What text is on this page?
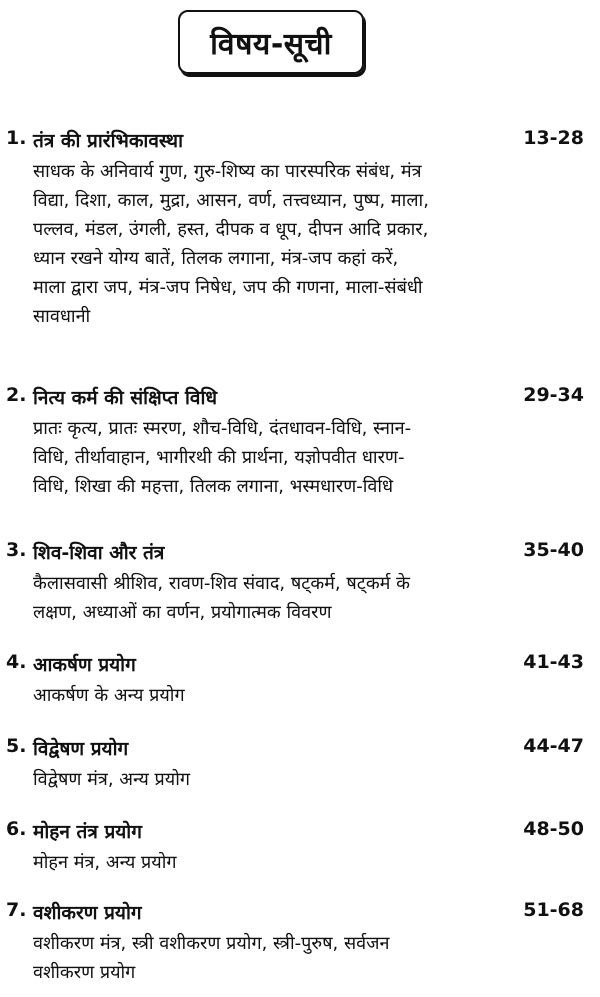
विषय-सूची
1. तंत्र की प्रारंभिकावस्था	13-28
साधक के अनिवार्य गुण, गुरु-शिष्य का पारस्परिक संबंध, मंत्र
विद्या, दिशा, काल, मुद्रा, आसन, वर्ण, तत्त्वध्यान, पुष्प, माला,
पल्लव, मंडल, उंगली, हस्त, दीपक व धूप, दीपन आदि प्रकार,
ध्यान रखने योग्य बातें, तिलक लगाना, मंत्र-जप कहां करें,
माला द्वारा जप, मंत्र-जप निषेध, जप की गणना, माला-संबंधी
सावधानी
2. नित्य कर्म की संक्षिप्त विधि	29-34
प्रातः कृत्य, प्रातः स्मरण, शौच-विधि, दंतधावन-विधि, स्नान-
विधि, तीर्थावाहान, भागीरथी की प्रार्थना, यज्ञोपवीत धारण-
विधि, शिखा की महत्ता, तिलक लगाना, भस्मधारण-विधि
3. शिव-शिवा और तंत्र	35-40
कैलासवासी श्रीशिव, रावण-शिव संवाद, षट्कर्म, षट्कर्म के
लक्षण, अध्याओं का वर्णन, प्रयोगात्मक विवरण
4. आकर्षण प्रयोग	41-43
आकर्षण के अन्य प्रयोग
5. विद्वेषण प्रयोग	44-47
विद्वेषण मंत्र, अन्य प्रयोग
6. मोहन तंत्र प्रयोग	48-50
मोहन मंत्र, अन्य प्रयोग
7. वशीकरण प्रयोग	51-68
वशीकरण मंत्र, स्त्री वशीकरण प्रयोग, स्त्री-पुरुष, सर्वजन
वशीकरण प्रयोग
